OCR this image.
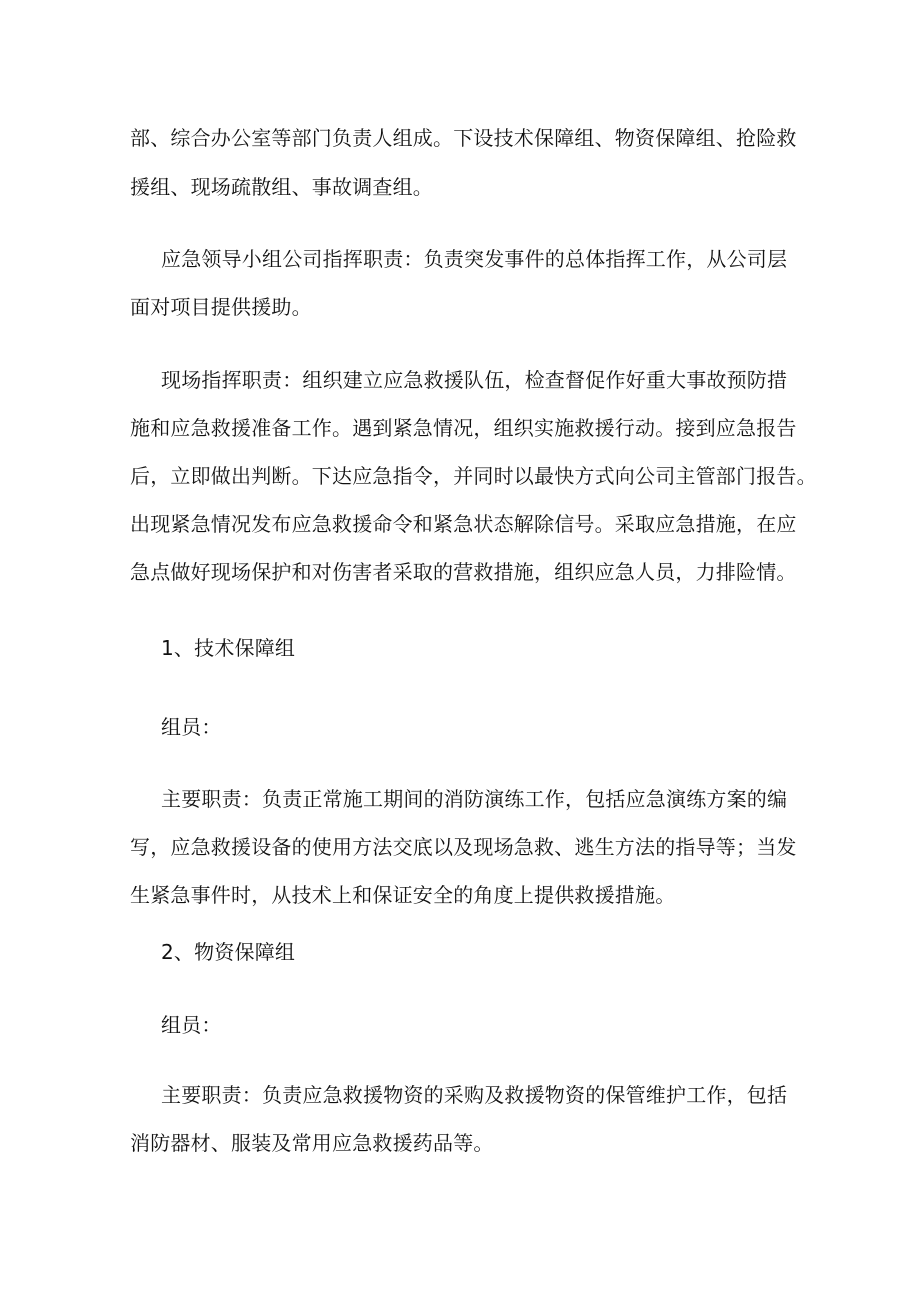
部、综合办公室等部门负责人组成。下设技术保障组、物资保障组、抢险救
援组、现场疏散组、事故调查组。
应急领导小组公司指挥职责：负责突发事件的总体指挥工作，从公司层
面对项目提供援助。
现场指挥职责：组织建立应急救援队伍，检查督促作好重大事故预防措
施和应急救援准备工作。遇到紧急情况，组织实施救援行动。接到应急报告
后，立即做出判断。下达应急指令，并同时以最快方式向公司主管部门报告。
出现紧急情况发布应急救援命令和紧急状态解除信号。采取应急措施，在应
急点做好现场保护和对伤害者采取的营救措施，组织应急人员，力排险情。
1、技术保障组
组员：
主要职责：负责正常施工期间的消防演练工作，包括应急演练方案的编
写，应急救援设备的使用方法交底以及现场急救、逃生方法的指导等；当发
生紧急事件时，从技术上和保证安全的角度上提供救援措施。
2、物资保障组
组员：
主要职责：负责应急救援物资的采购及救援物资的保管维护工作，包括
消防器材、服装及常用应急救援药品等。
